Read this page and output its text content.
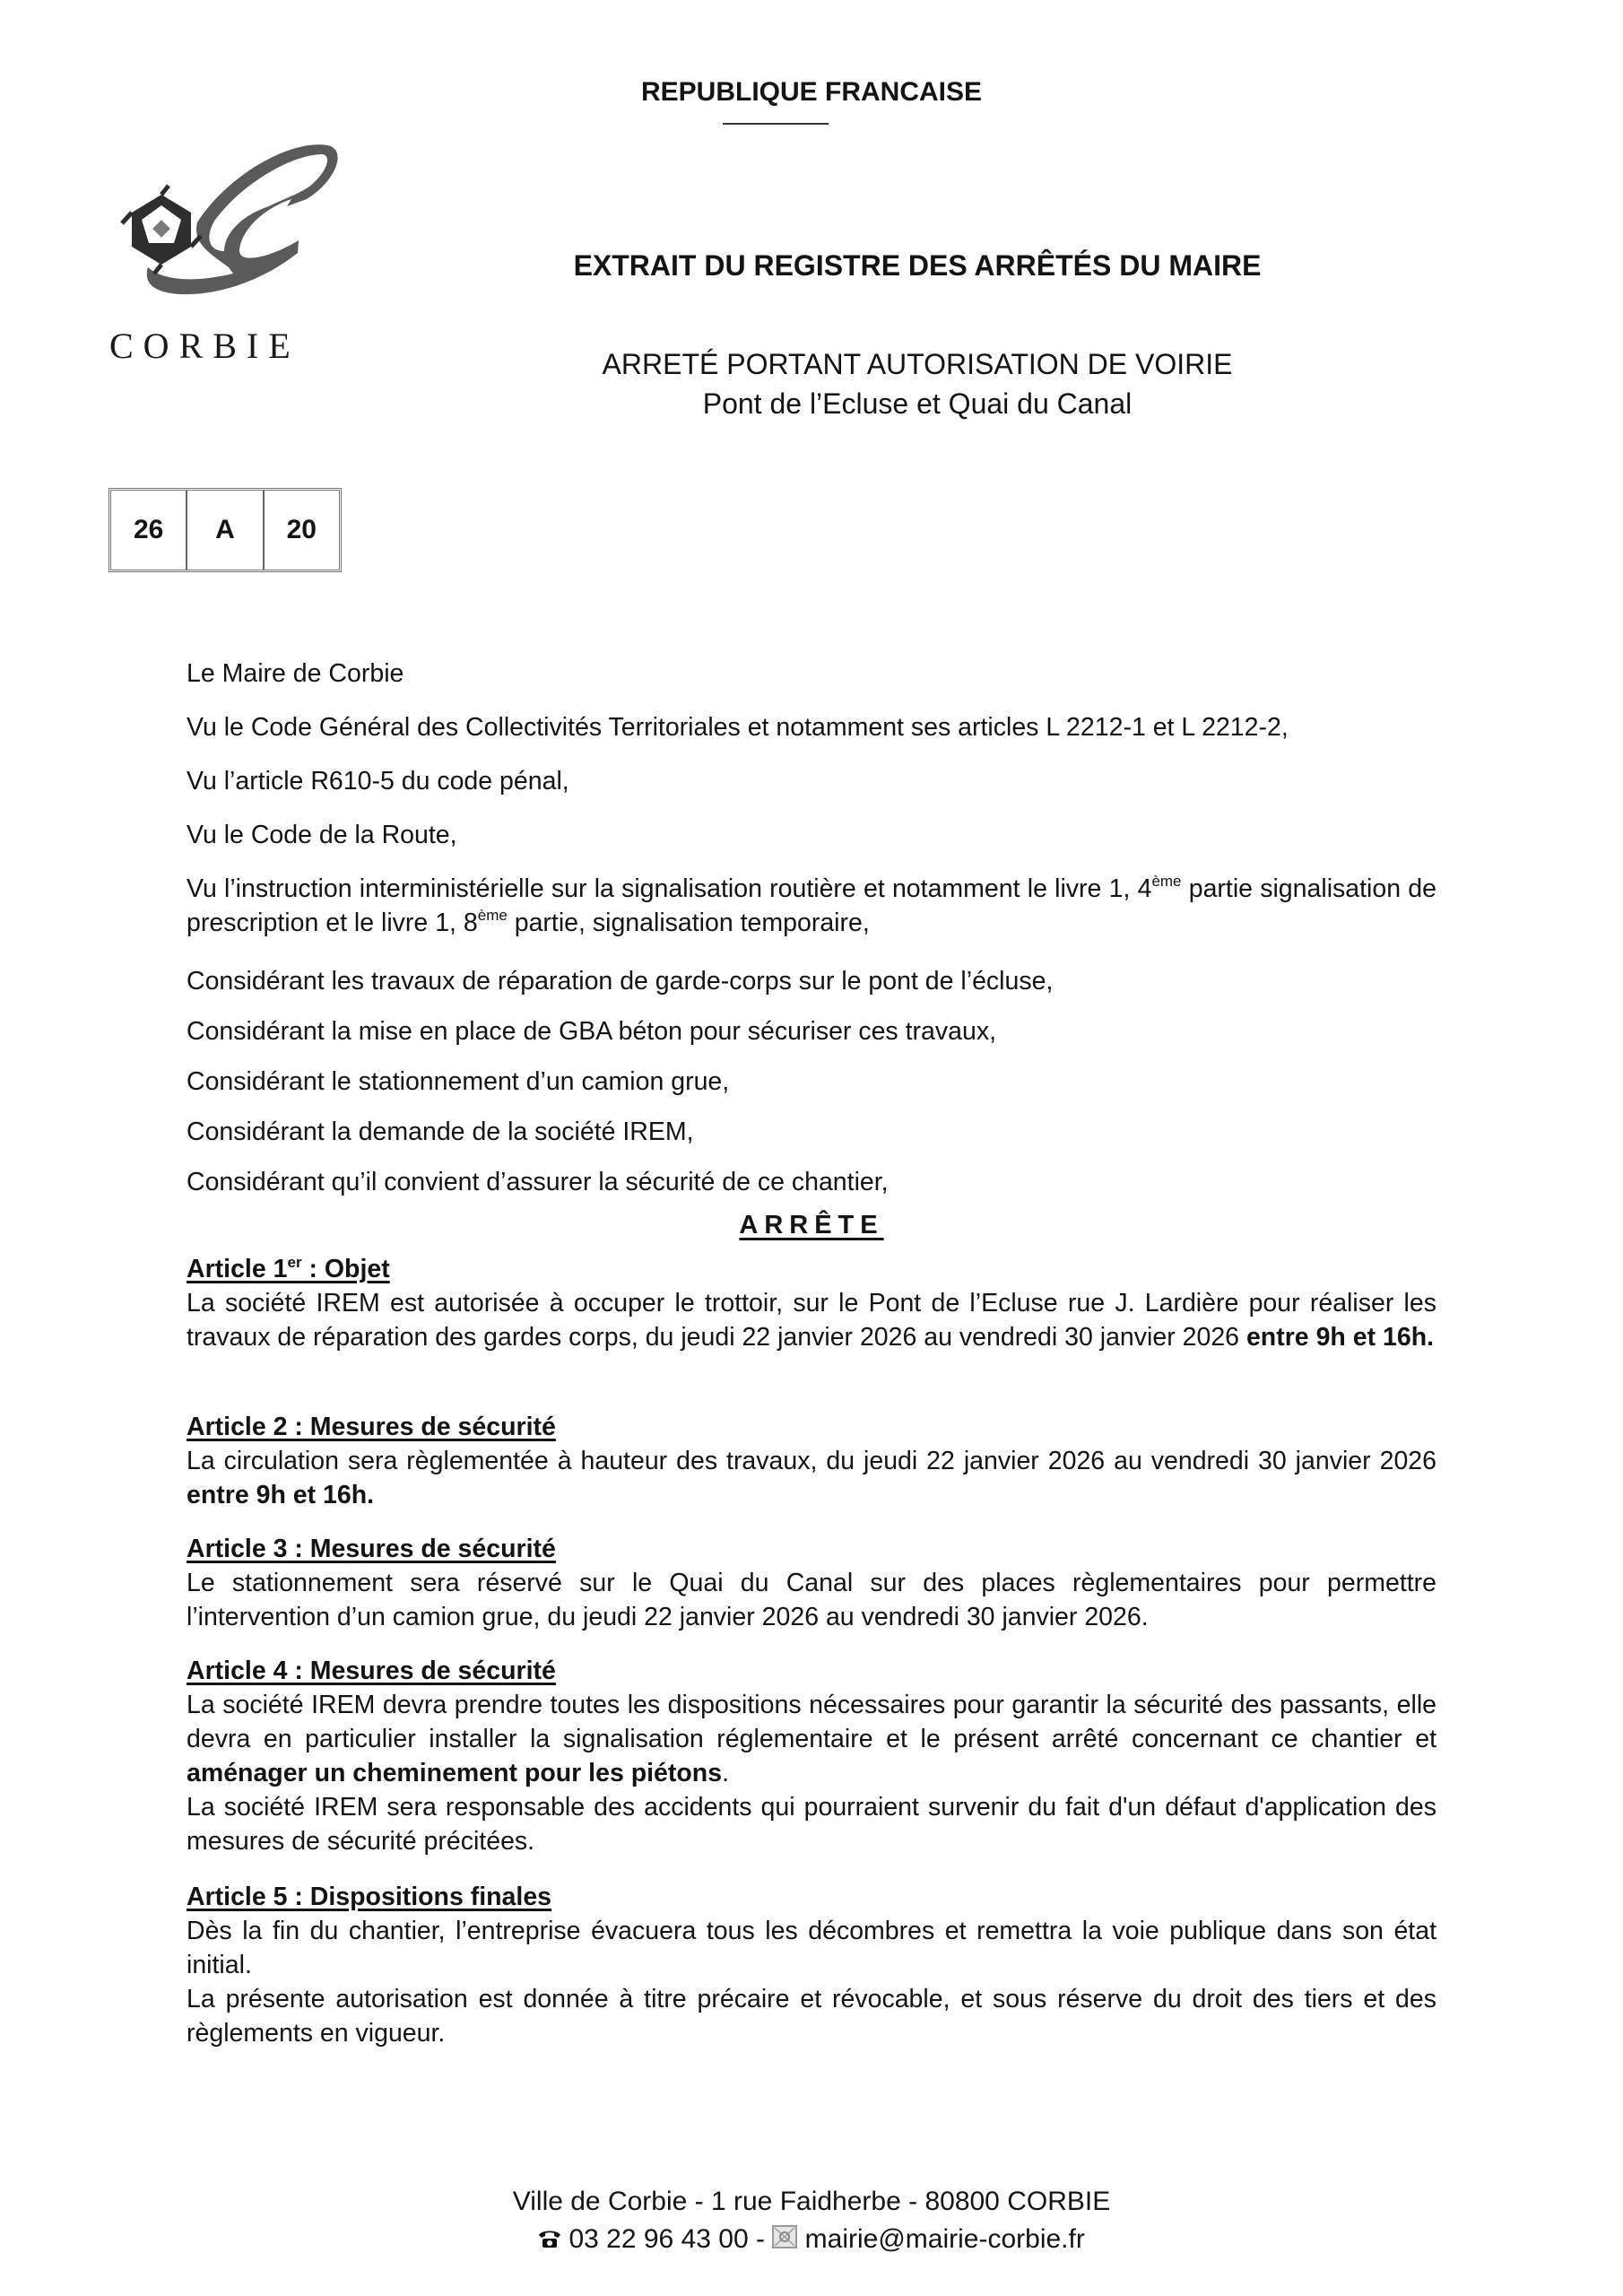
REPUBLIQUE FRANCAISE
CORBIE
EXTRAIT DU REGISTRE DES ARRÊTÉS DU MAIRE
ARRETÉ PORTANT AUTORISATION DE VOIRIE
Pont de l’Ecluse et Quai du Canal
26	A	20

Le Maire de Corbie

Vu le Code Général des Collectivités Territoriales et notamment ses articles L 2212-1 et L 2212-2,

Vu l’article R610-5 du code pénal,

Vu le Code de la Route,

Vu l’instruction interministérielle sur la signalisation routière et notamment le livre 1, 4ème partie signalisation de prescription et le livre 1, 8ème partie, signalisation temporaire,

Considérant les travaux de réparation de garde-corps sur le pont de l’écluse,

Considérant la mise en place de GBA béton pour sécuriser ces travaux,

Considérant le stationnement d’un camion grue,

Considérant la demande de la société IREM,

Considérant qu’il convient d’assurer la sécurité de ce chantier,

ARRÊTE
Article 1er : Objet
La société IREM est autorisée à occuper le trottoir, sur le Pont de l’Ecluse rue J. Lardière pour réaliser les travaux de réparation des gardes corps, du jeudi 22 janvier 2026 au vendredi 30 janvier 2026 entre 9h et 16h.
Article 2 : Mesures de sécurité
La circulation sera règlementée à hauteur des travaux, du jeudi 22 janvier 2026 au vendredi 30 janvier 2026 entre 9h et 16h.
Article 3 : Mesures de sécurité
Le stationnement sera réservé sur le Quai du Canal sur des places règlementaires pour permettre l’intervention d’un camion grue, du jeudi 22 janvier 2026 au vendredi 30 janvier 2026.
Article 4 : Mesures de sécurité
La société IREM devra prendre toutes les dispositions nécessaires pour garantir la sécurité des passants, elle devra en particulier installer la signalisation réglementaire et le présent arrêté concernant ce chantier et aménager un cheminement pour les piétons.
La société IREM sera responsable des accidents qui pourraient survenir du fait d'un défaut d'application des mesures de sécurité précitées.
Article 5 : Dispositions finales
Dès la fin du chantier, l’entreprise évacuera tous les décombres et remettra la voie publique dans son état initial.
La présente autorisation est donnée à titre précaire et révocable, et sous réserve du droit des tiers et des règlements en vigueur.
Ville de Corbie - 1 rue Faidherbe - 80800 CORBIE
03 22 96 43 00 -  mairie@mairie-corbie.fr
